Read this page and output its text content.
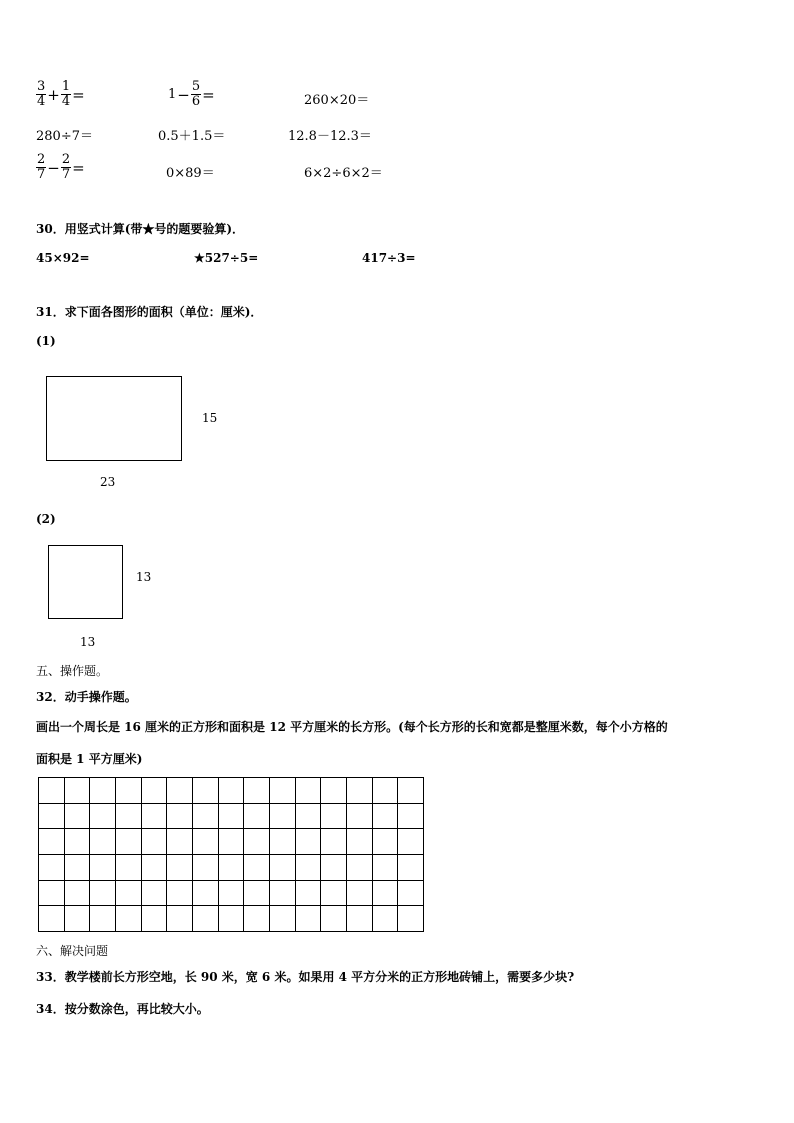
$\frac{3}{4} + \frac{1}{4}$ =	$1 - \frac{5}{6}$ =	260×20＝
280÷7＝	0.5＋1.5＝	12.8－12.3＝
$\frac{2}{7} - \frac{2}{7}$ =	0×89＝	6×2÷6×2＝
30．用竖式计算(带★号的题要验算)．
45×92=	★527÷5=	417÷3=
31．求下面各图形的面积（单位：厘米)．
(1)
15
23
(2)
13
13
五、操作题。
32．动手操作题。
画出一个周长是 16 厘米的正方形和面积是 12 平方厘米的长方形。(每个长方形的长和宽都是整厘米数，每个小方格的
面积是 1 平方厘米)
六、解决问题
33．教学楼前长方形空地，长 90 米，宽 6 米。如果用 4 平方分米的正方形地砖铺上，需要多少块?
34．按分数涂色，再比较大小。
